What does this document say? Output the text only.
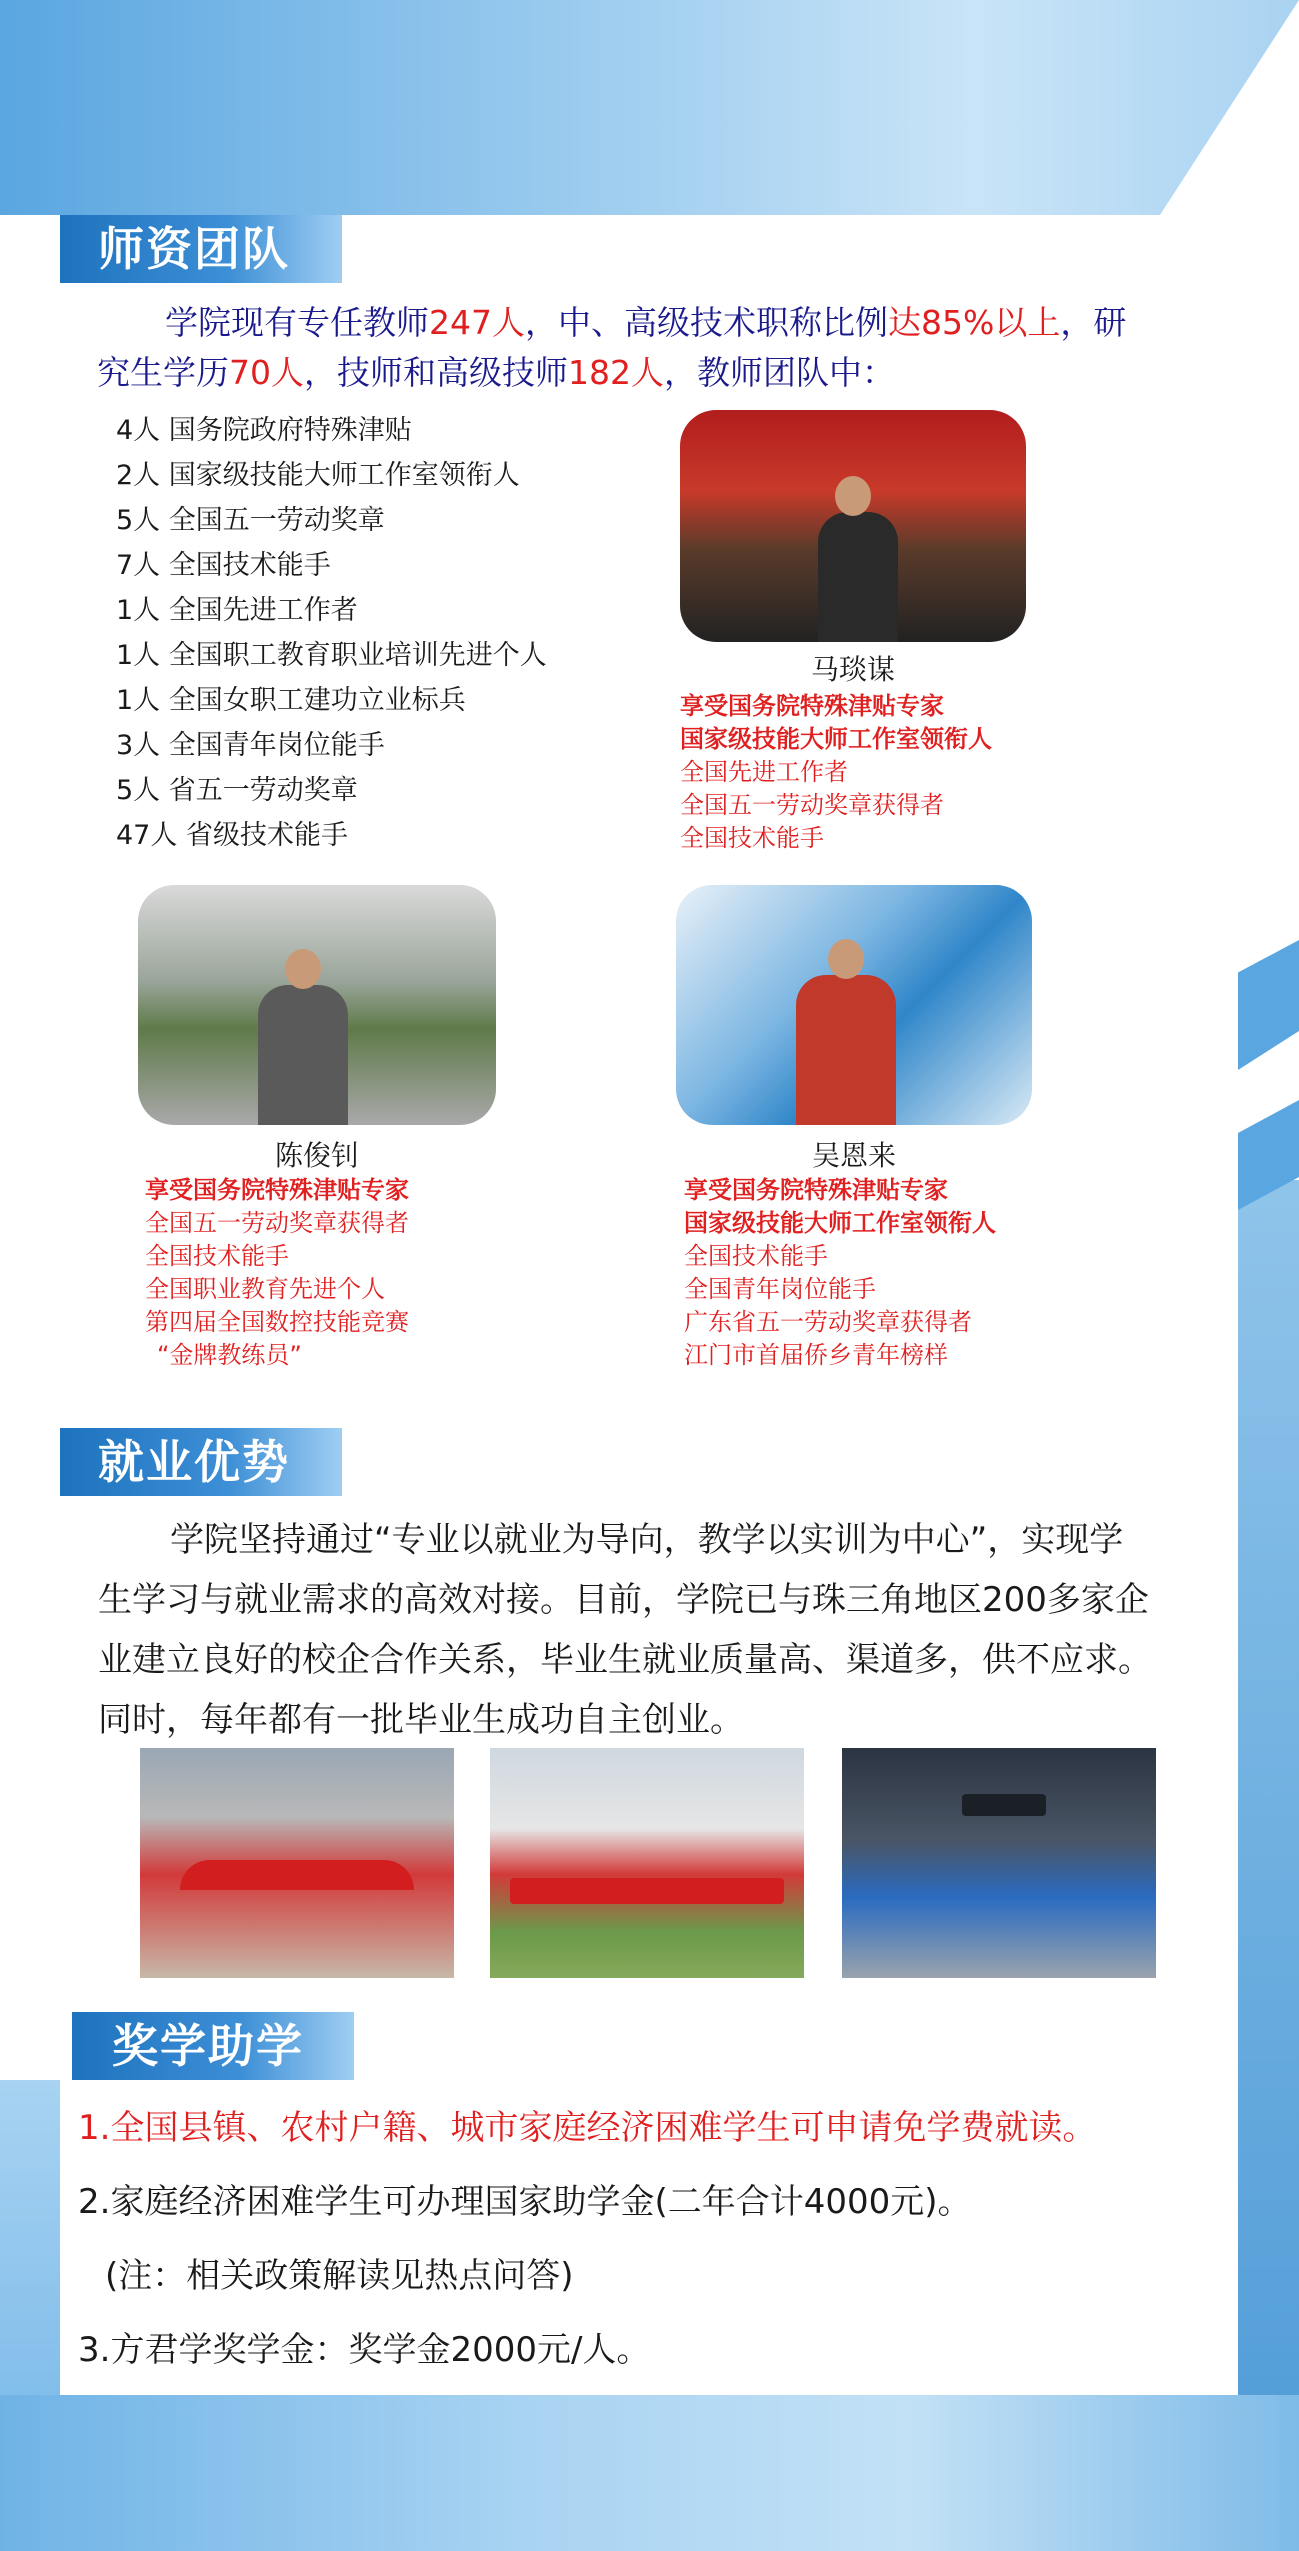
师资团队
学院现有专任教师247人，中、高级技术职称比例达85%以上，研
究生学历70人，技师和高级技师182人，教师团队中：
4人 国务院政府特殊津贴
2人 国家级技能大师工作室领衔人
5人 全国五一劳动奖章
7人 全国技术能手
1人 全国先进工作者
1人 全国职工教育职业培训先进个人
1人 全国女职工建功立业标兵
3人 全国青年岗位能手
5人 省五一劳动奖章
47人 省级技术能手
马琰谋
享受国务院特殊津贴专家
国家级技能大师工作室领衔人
全国先进工作者
全国五一劳动奖章获得者
全国技术能手
陈俊钊
享受国务院特殊津贴专家
全国五一劳动奖章获得者
全国技术能手
全国职业教育先进个人
第四届全国数控技能竞赛
“金牌教练员”
吴恩来
享受国务院特殊津贴专家
国家级技能大师工作室领衔人
全国技术能手
全国青年岗位能手
广东省五一劳动奖章获得者
江门市首届侨乡青年榜样
就业优势
学院坚持通过“专业以就业为导向，教学以实训为中心”，实现学
生学习与就业需求的高效对接。目前，学院已与珠三角地区200多家企
业建立良好的校企合作关系，毕业生就业质量高、渠道多，供不应求。
同时，每年都有一批毕业生成功自主创业。
奖学助学
1.全国县镇、农村户籍、城市家庭经济困难学生可申请免学费就读。
2.家庭经济困难学生可办理国家助学金(二年合计4000元)。
(注：相关政策解读见热点问答)
3.方君学奖学金：奖学金2000元/人。
